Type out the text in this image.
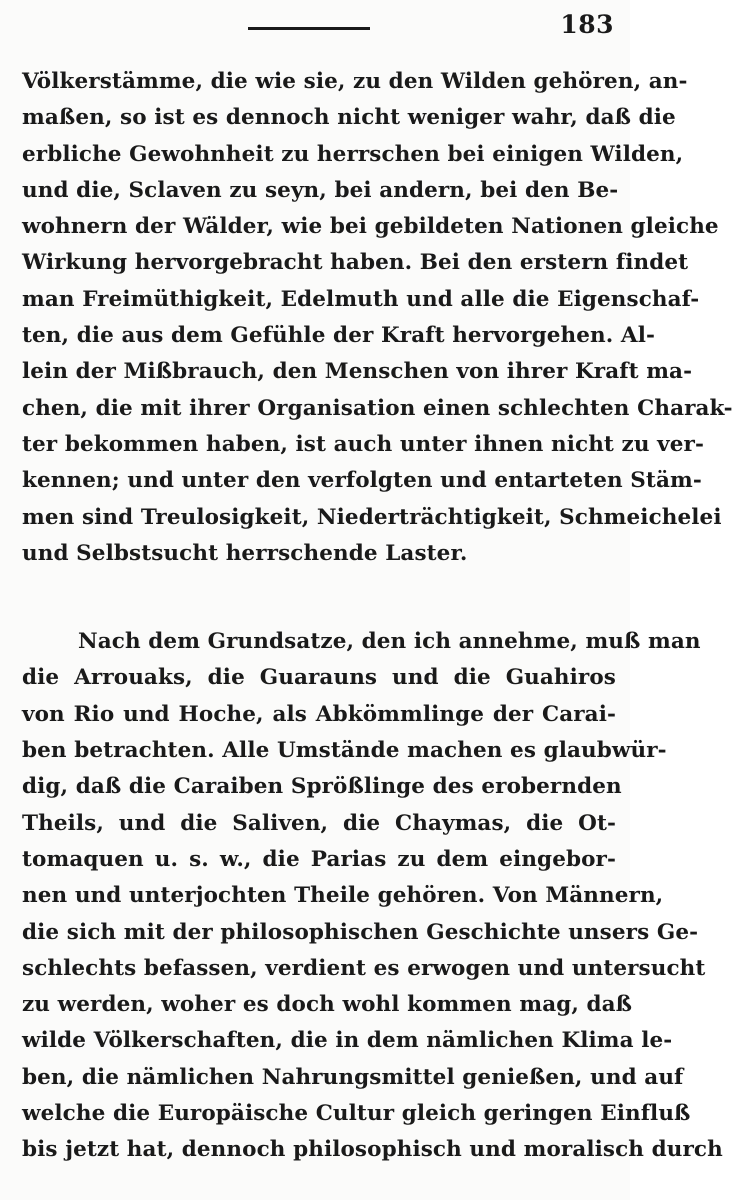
183
Völkerstämme, die wie sie, zu den Wilden gehören, an-
maßen, so ist es dennoch nicht weniger wahr, daß die
erbliche Gewohnheit zu herrschen bei einigen Wilden,
und die, Sclaven zu seyn, bei andern, bei den Be-
wohnern der Wälder, wie bei gebildeten Nationen gleiche
Wirkung hervorgebracht haben. Bei den erstern findet
man Freimüthigkeit, Edelmuth und alle die Eigenschaf-
ten, die aus dem Gefühle der Kraft hervorgehen. Al-
lein der Mißbrauch, den Menschen von ihrer Kraft ma-
chen, die mit ihrer Organisation einen schlechten Charak-
ter bekommen haben, ist auch unter ihnen nicht zu ver-
kennen; und unter den verfolgten und entarteten Stäm-
men sind Treulosigkeit, Niederträchtigkeit, Schmeichelei
und Selbstsucht herrschende Laster.
Nach dem Grundsatze, den ich annehme, muß man
die Arrouaks, die Guarauns und die Guahiros
von Rio und Hoche, als Abkömmlinge der Carai-
ben betrachten. Alle Umstände machen es glaubwür-
dig, daß die Caraiben Sprößlinge des erobernden
Theils, und die Saliven, die Chaymas, die Ot-
tomaquen u. s. w., die Parias zu dem eingebor-
nen und unterjochten Theile gehören. Von Männern,
die sich mit der philosophischen Geschichte unsers Ge-
schlechts befassen, verdient es erwogen und untersucht
zu werden, woher es doch wohl kommen mag, daß
wilde Völkerschaften, die in dem nämlichen Klima le-
ben, die nämlichen Nahrungsmittel genießen, und auf
welche die Europäische Cultur gleich geringen Einfluß
bis jetzt hat, dennoch philosophisch und moralisch durch
